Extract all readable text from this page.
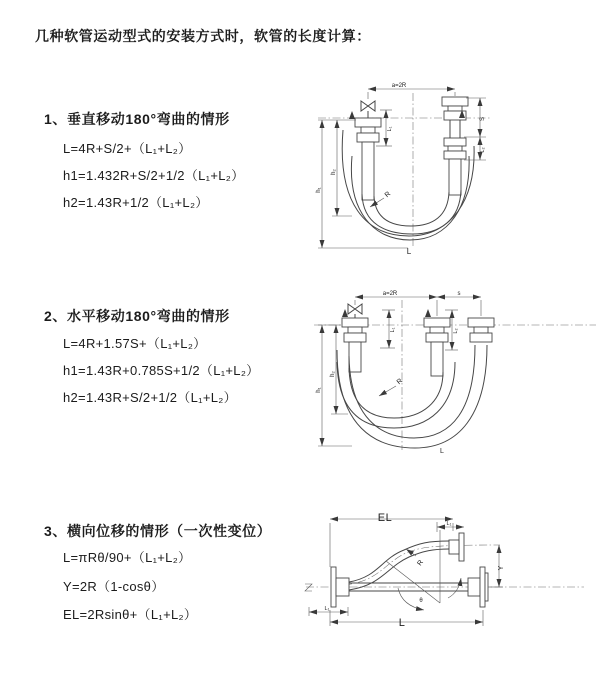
几种软管运动型式的安装方式时，软管的长度计算：
1、垂直移动180°弯曲的情形
L=4R+S/2+（L₁+L₂）
h1=1.432R+S/2+1/2（L₁+L₂）
h2=1.43R+1/2（L₁+L₂）
2、水平移动180°弯曲的情形
L=4R+1.57S+（L₁+L₂）
h1=1.43R+0.785S+1/2（L₁+L₂）
h2=1.43R+S/2+1/2（L₁+L₂）
3、横向位移的情形（一次性变位）
L=πRθ/90+（L₁+L₂）
Y=2R（1-cosθ）
EL=2Rsinθ+（L₁+L₂）
a=2R
h₁
h₂
L₁
S
L₂
R
L
a=2R	s
h₁
h₂
L₁	L₂
R
L
EL	L₁
θ
R
Y
L₁
L
